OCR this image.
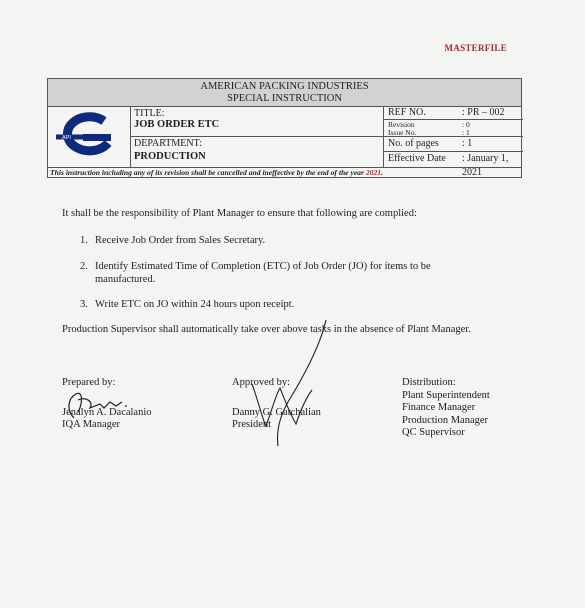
MASTERFILE
AMERICAN PACKING INDUSTRIES
SPECIAL INSTRUCTION
API
TITLE:
JOB ORDER ETC
DEPARTMENT:
PRODUCTION
REF NO.	: PR – 002
Revision	: 0
Issue No.	: 1
No. of pages : 1
Effective Date : January 1, 2021
This instruction including any of its revision shall be cancelled and ineffective by the end of the year 2021.
It shall be the responsibility of Plant Manager to ensure that following are complied:
1. Receive Job Order from Sales Secretary.
2. Identify Estimated Time of Completion (ETC) of Job Order (JO) for items to be
manufactured.
3. Write ETC on JO within 24 hours upon receipt.
Production Supervisor shall automatically take over above tasks in the absence of Plant Manager.
Prepared by:
Jenalyn A. Dacalanio
IQA Manager
Approved by:
Danny G. Gatchalian
President
Distribution:
Plant Superintendent
Finance Manager
Production Manager
QC Supervisor
